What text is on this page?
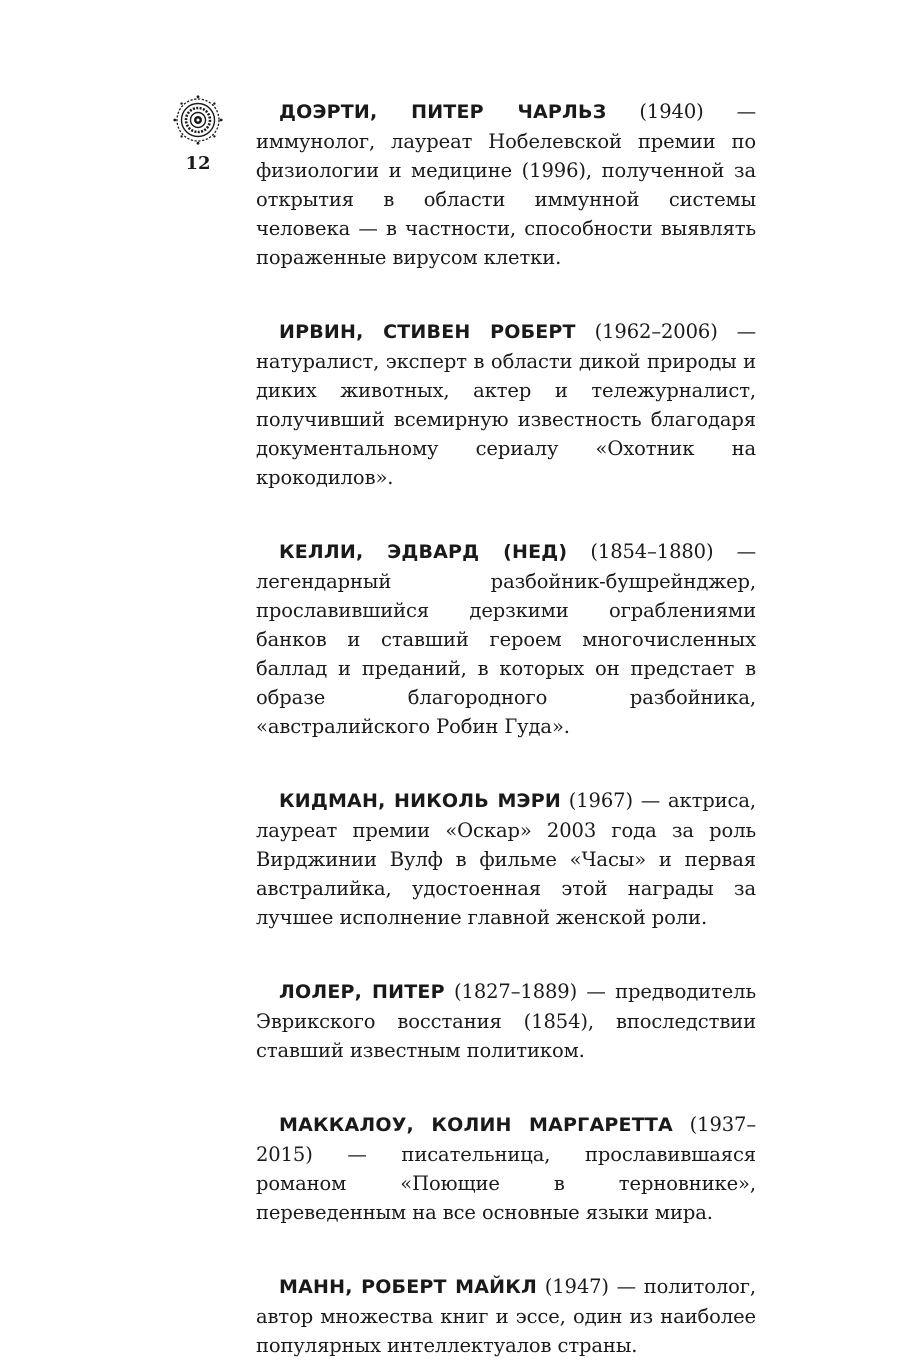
12

ДОЭРТИ, ПИТЕР ЧАРЛЬЗ (1940) — иммунолог, лауреат Нобелевской премии по физиологии и медицине (1996), полученной за открытия в области иммунной системы человека — в частности, способности выявлять пораженные вирусом клетки.

ИРВИН, СТИВЕН РОБЕРТ (1962–2006) — натуралист, эксперт в области дикой природы и диких животных, актер и тележурналист, получивший всемирную известность благодаря документальному сериалу «Охотник на крокодилов».

КЕЛЛИ, ЭДВАРД (НЕД) (1854–1880) — легендарный разбойник-бушрейнджер, прославившийся дерзкими ограблениями банков и ставший героем многочисленных баллад и преданий, в которых он предстает в образе благородного разбойника, «австралийского Робин Гуда».

КИДМАН, НИКОЛЬ МЭРИ (1967) — актриса, лауреат премии «Оскар» 2003 года за роль Вирджинии Вулф в фильме «Часы» и первая австралийка, удостоенная этой награды за лучшее исполнение главной женской роли.

ЛОЛЕР, ПИТЕР (1827–1889) — предводитель Эврикского восстания (1854), впоследствии ставший известным политиком.

МАККАЛОУ, КОЛИН МАРГАРЕТТА (1937–2015) — писательница, прославившаяся романом «Поющие в терновнике», переведенным на все основные языки мира.

МАНН, РОБЕРТ МАЙКЛ (1947) — политолог, автор множества книг и эссе, один из наиболее популярных интеллектуалов страны.
